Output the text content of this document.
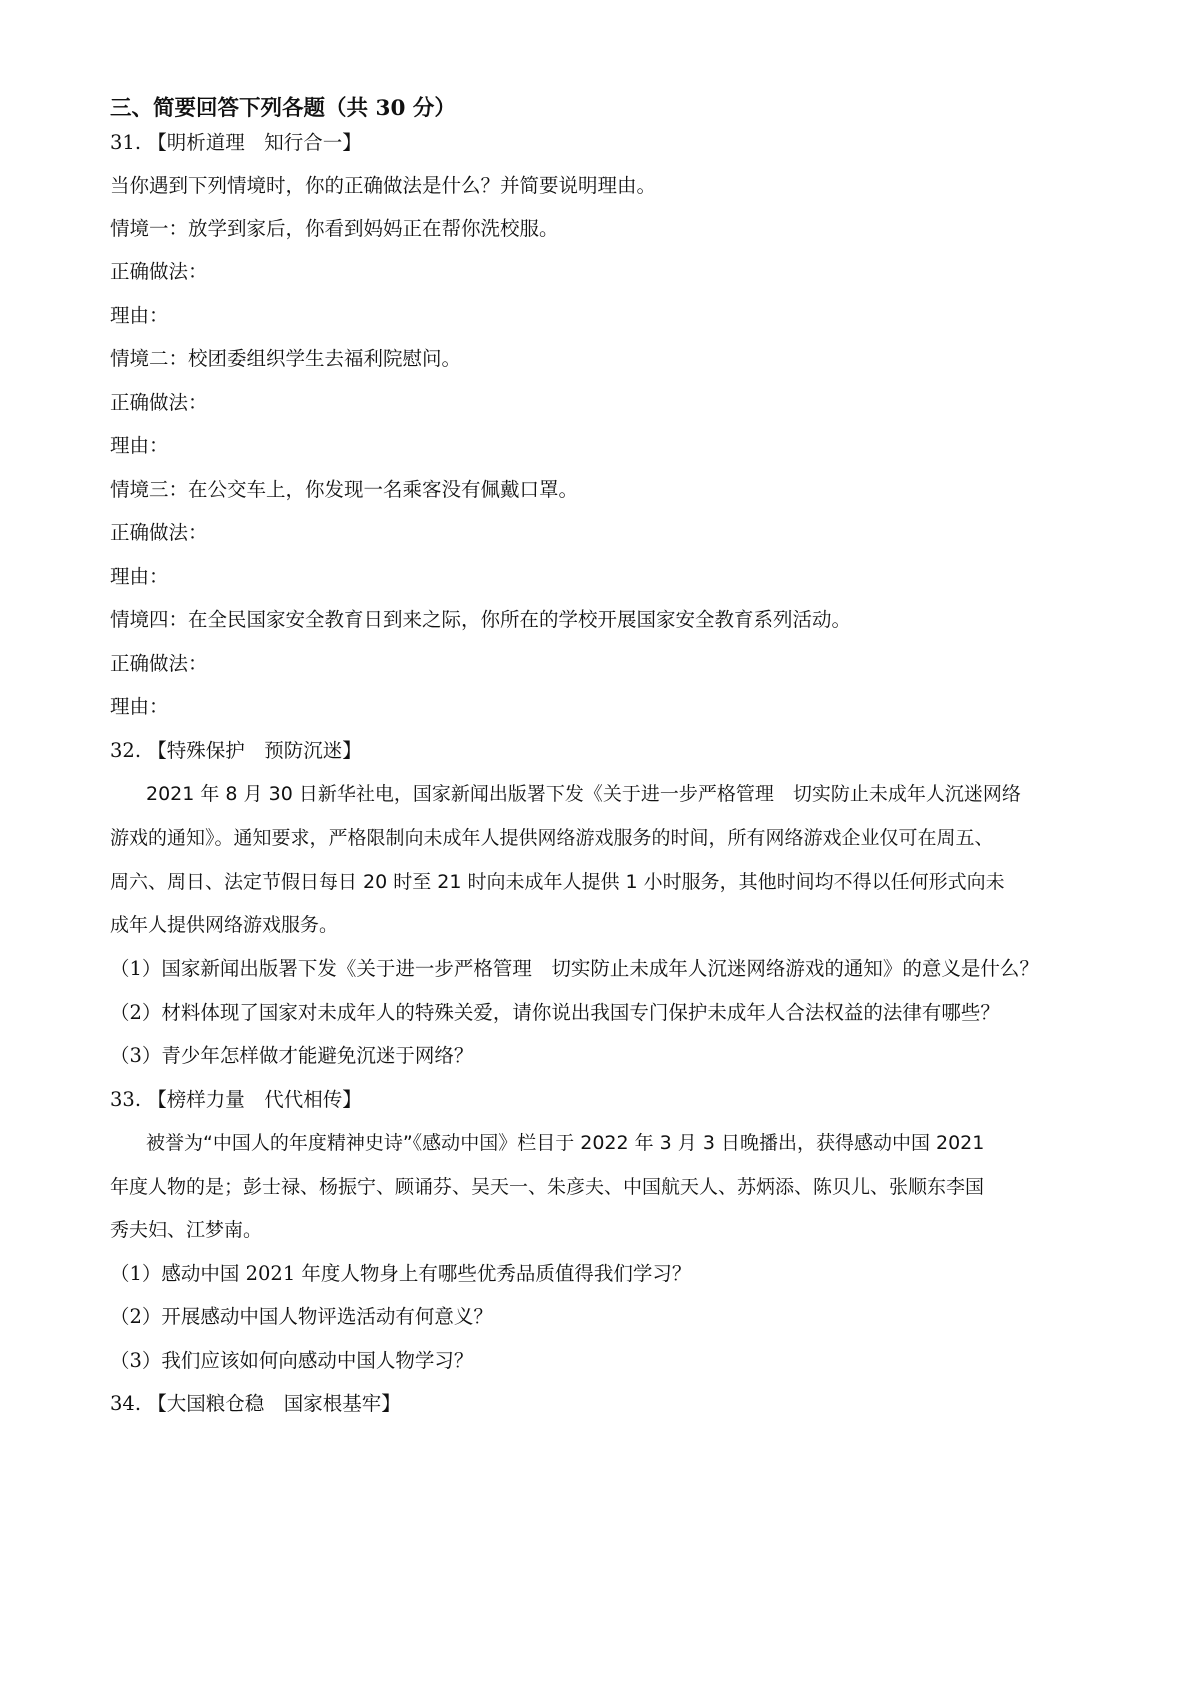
三、简要回答下列各题（共 30 分）
31. 【明析道理　知行合一】
当你遇到下列情境时，你的正确做法是什么？并简要说明理由。
情境一：放学到家后，你看到妈妈正在帮你洗校服。
正确做法：
理由：
情境二：校团委组织学生去福利院慰问。
正确做法：
理由：
情境三：在公交车上，你发现一名乘客没有佩戴口罩。
正确做法：
理由：
情境四：在全民国家安全教育日到来之际，你所在的学校开展国家安全教育系列活动。
正确做法：
理由：
32. 【特殊保护　预防沉迷】
2021 年 8 月 30 日新华社电，国家新闻出版署下发《关于进一步严格管理　切实防止未成年人沉迷网络
游戏的通知》。通知要求，严格限制向未成年人提供网络游戏服务的时间，所有网络游戏企业仅可在周五、
周六、周日、法定节假日每日 20 时至 21 时向未成年人提供 1 小时服务，其他时间均不得以任何形式向未
成年人提供网络游戏服务。
（1）国家新闻出版署下发《关于进一步严格管理　切实防止未成年人沉迷网络游戏的通知》的意义是什么？
（2）材料体现了国家对未成年人的特殊关爱，请你说出我国专门保护未成年人合法权益的法律有哪些？
（3）青少年怎样做才能避免沉迷于网络？
33. 【榜样力量　代代相传】
被誉为“中国人的年度精神史诗”《感动中国》栏目于 2022 年 3 月 3 日晚播出，获得感动中国 2021
年度人物的是；彭士禄、杨振宁、顾诵芬、吴天一、朱彦夫、中国航天人、苏炳添、陈贝儿、张顺东李国
秀夫妇、江梦南。
（1）感动中国 2021 年度人物身上有哪些优秀品质值得我们学习？
（2）开展感动中国人物评选活动有何意义？
（3）我们应该如何向感动中国人物学习？
34. 【大国粮仓稳　国家根基牢】
